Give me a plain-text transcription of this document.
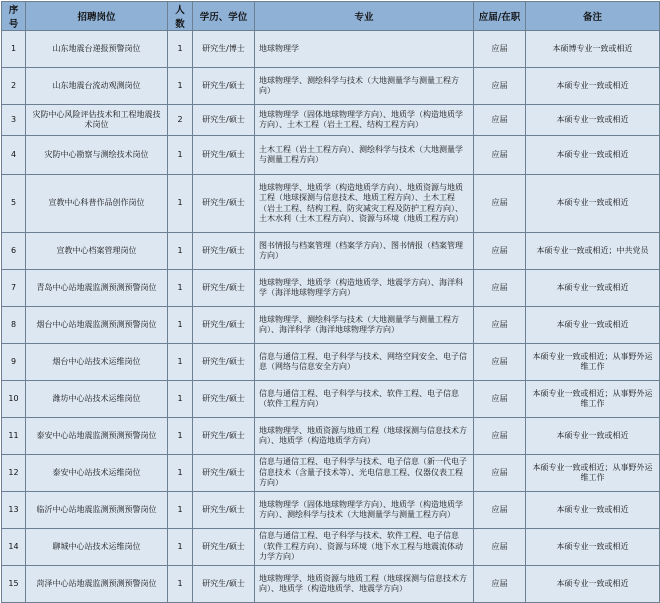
序号	招聘岗位	人数	学历、学位	专业	应届/在职	备注
1	山东地震台递报预警岗位	1	研究生/博士	地球物理学	应届	本硕博专业一致或相近
2	山东地震台流动观测岗位	1	研究生/硕士	地球物理学、测绘科学与技术（大地测量学与测量工程方向）	应届	本硕专业一致或相近
3	灾防中心风险评估技术和工程地震技术岗位	2	研究生/硕士	地球物理学（固体地球物理学方向）、地质学（构造地质学方向）、土木工程（岩土工程、结构工程方向）	应届	本硕专业一致或相近
4	灾防中心勘察与测绘技术岗位	1	研究生/硕士	土木工程（岩土工程方向）、测绘科学与技术（大地测量学与测量工程方向）	应届	本硕专业一致或相近
5	宣教中心科普作品创作岗位	1	研究生/硕士	地球物理学、地质学（构造地质学方向）、地质资源与地质工程（地球探测与信息技术、地质工程方向）、土木工程（岩土工程、结构工程、防灾减灾工程及防护工程方向）、土木水利（土木工程方向）、资源与环境（地质工程方向）	应届	本硕专业一致或相近
6	宣教中心档案管理岗位	1	研究生/硕士	图书情报与档案管理（档案学方向）、图书情报（档案管理方向）	应届	本硕专业一致或相近；中共党员
7	青岛中心站地震监测预测预警岗位	1	研究生/硕士	地球物理学、地质学（构造地质学、地震学方向）、海洋科学（海洋地球物理学方向）	应届	本硕专业一致或相近
8	烟台中心站地震监测预测预警岗位	1	研究生/硕士	地球物理学、测绘科学与技术（大地测量学与测量工程方向）、海洋科学（海洋地球物理学方向）	应届	本硕专业一致或相近
9	烟台中心站技术运维岗位	1	研究生/硕士	信息与通信工程、电子科学与技术、网络空间安全、电子信息（网络与信息安全方向）	应届	本硕专业一致或相近；从事野外运维工作
10	潍坊中心站技术运维岗位	1	研究生/硕士	信息与通信工程、电子科学与技术、软件工程、电子信息（软件工程方向）	应届	本硕专业一致或相近；从事野外运维工作
11	泰安中心站地震监测预测预警岗位	1	研究生/硕士	地球物理学、地质资源与地质工程（地球探测与信息技术方向）、地质学（构造地质学方向）	应届	本硕专业一致或相近
12	泰安中心站技术运维岗位	1	研究生/硕士	信息与通信工程、电子科学与技术、电子信息（新一代电子信息技术（含量子技术等）、光电信息工程、仪器仪表工程方向）	应届	本硕专业一致或相近；从事野外运维工作
13	临沂中心站地震监测预测预警岗位	1	研究生/硕士	地球物理学（固体地球物理学方向）、地质学（构造地质学方向）、测绘科学与技术（大地测量学与测量工程方向）	应届	本硕专业一致或相近
14	聊城中心站技术运维岗位	1	研究生/硕士	信息与通信工程、电子科学与技术、软件工程、电子信息（软件工程方向）、资源与环境（地下水工程与地震流体动力学方向）	应届	本硕专业一致或相近
15	菏泽中心站地震监测预测预警岗位	1	研究生/硕士	地球物理学、地质资源与地质工程（地球探测与信息技术方向）、地质学（构造地质学、地震学方向）	应届	本硕专业一致或相近
